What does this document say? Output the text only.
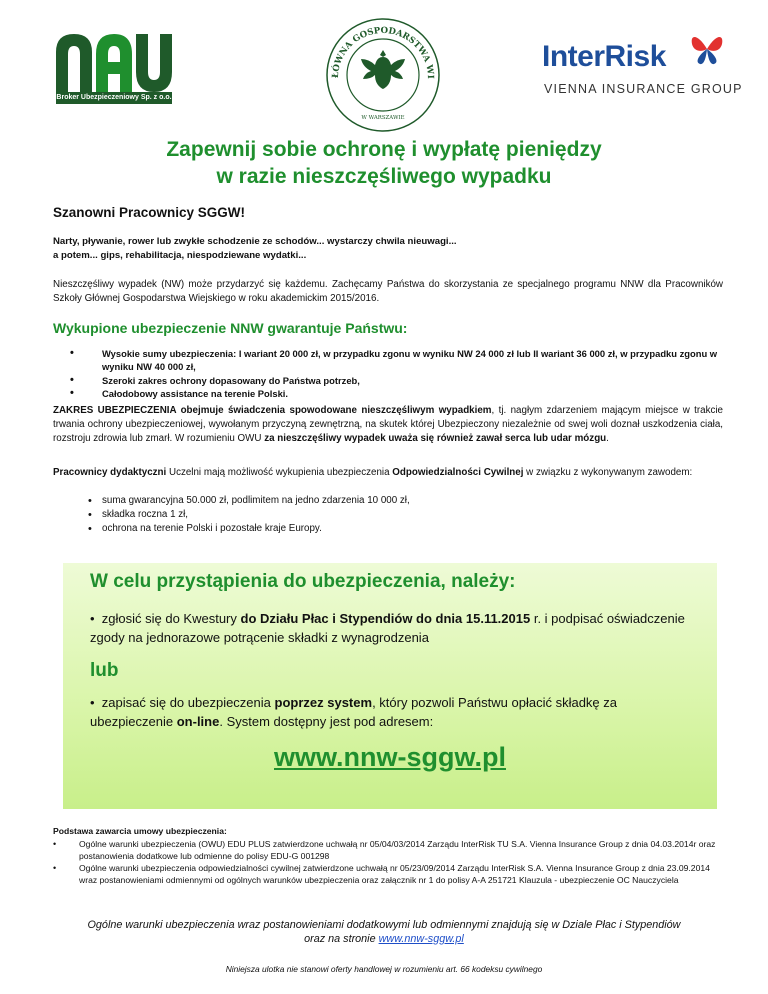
Broker Ubezpieczeniowy Sp. z o.o.
ŁÓWNA GOSPODARSTWA WI
W WARSZAWIE
InterRisk
VIENNA INSURANCE GROUP
Zapewnij sobie ochronę i wypłatę pieniędzy
w razie nieszczęśliwego wypadku
Szanowni Pracownicy SGGW!
Narty, pływanie, rower lub zwykłe schodzenie ze schodów... wystarczy chwila nieuwagi...
a potem... gips, rehabilitacja, niespodziewane wydatki...
Nieszczęśliwy wypadek (NW) może przydarzyć się każdemu. Zachęcamy Państwa do skorzystania ze specjalnego programu NNW dla Pracowników Szkoły Głównej Gospodarstwa Wiejskiego w roku akademickim 2015/2016.
Wykupione ubezpieczenie NNW gwarantuje Państwu:
• Wysokie sumy ubezpieczenia: I wariant 20 000 zł, w przypadku zgonu w wyniku NW 24 000 zł lub II wariant 36 000 zł, w przypadku zgonu w wyniku NW 40 000 zł,
• Szeroki zakres ochrony dopasowany do Państwa potrzeb,
• Całodobowy assistance na terenie Polski.
ZAKRES UBEZPIECZENIA obejmuje świadczenia spowodowane nieszczęśliwym wypadkiem, tj. nagłym zdarzeniem mającym miejsce w trakcie trwania ochrony ubezpieczeniowej, wywołanym przyczyną zewnętrzną, na skutek której Ubezpieczony niezależnie od swej woli doznał uszkodzenia ciała, rozstroju zdrowia lub zmarł. W rozumieniu OWU za nieszczęśliwy wypadek uważa się również zawał serca lub udar mózgu.
Pracownicy dydaktyczni Uczelni mają możliwość wykupienia ubezpieczenia Odpowiedzialności Cywilnej w związku z wykonywanym zawodem:
• suma gwarancyjna 50.000 zł, podlimitem na jedno zdarzenia 10 000 zł,
• składka roczna 1 zł,
• ochrona na terenie Polski i pozostałe kraje Europy.
W celu przystąpienia do ubezpieczenia, należy:
•  zgłosić się do Kwestury do Działu Płac i Stypendiów do dnia 15.11.2015 r. i podpisać oświadczenie zgody na jednorazowe potrącenie składki z wynagrodzenia
lub
•  zapisać się do ubezpieczenia poprzez system, który pozwoli Państwu opłacić składkę za ubezpieczenie on-line. System dostępny jest pod adresem:
www.nnw-sggw.pl
Podstawa zawarcia umowy ubezpieczenia:
• Ogólne warunki ubezpieczenia (OWU) EDU PLUS zatwierdzone uchwałą nr 05/04/03/2014 Zarządu InterRisk TU S.A. Vienna Insurance Group z dnia 04.03.2014r oraz postanowienia dodatkowe lub odmienne do polisy EDU-G 001298
• Ogólne warunki ubezpieczenia odpowiedzialności cywilnej zatwierdzone uchwałą nr 05/23/09/2014 Zarządu InterRisk S.A. Vienna Insurance Group z dnia 23.09.2014 wraz postanowieniami odmiennymi od ogólnych warunków ubezpieczenia oraz załącznik nr 1 do polisy A-A 251721 Klauzula - ubezpieczenie OC Nauczyciela
Ogólne warunki ubezpieczenia wraz postanowieniami dodatkowymi lub odmiennymi znajdują się w Dziale Płac i Stypendiów
oraz na stronie www.nnw-sggw.pl
Niniejsza ulotka nie stanowi oferty handlowej w rozumieniu art. 66 kodeksu cywilnego
